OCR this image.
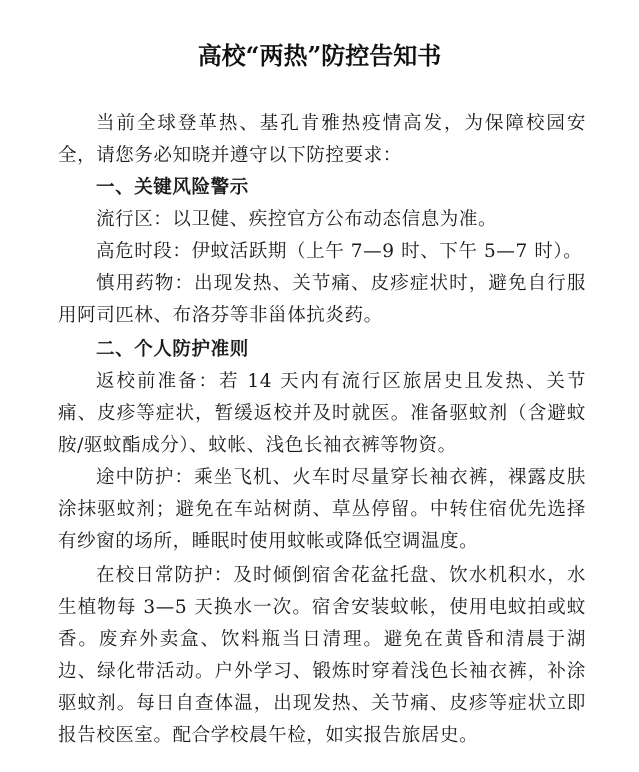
高校“两热”防控告知书

当前全球登革热、基孔肯雅热疫情高发，为保障校园安全，请您务必知晓并遵守以下防控要求：

一、关键风险警示

流行区：以卫健、疾控官方公布动态信息为准。

高危时段：伊蚊活跃期（上午 7—9 时、下午 5—7 时）。

慎用药物：出现发热、关节痛、皮疹症状时，避免自行服用阿司匹林、布洛芬等非甾体抗炎药。

二、个人防护准则

返校前准备：若 14 天内有流行区旅居史且发热、关节痛、皮疹等症状，暂缓返校并及时就医。准备驱蚊剂（含避蚊胺/驱蚊酯成分）、蚊帐、浅色长袖衣裤等物资。

途中防护：乘坐飞机、火车时尽量穿长袖衣裤，裸露皮肤涂抹驱蚊剂；避免在车站树荫、草丛停留。中转住宿优先选择有纱窗的场所，睡眠时使用蚊帐或降低空调温度。

在校日常防护：及时倾倒宿舍花盆托盘、饮水机积水，水生植物每 3—5 天换水一次。宿舍安装蚊帐，使用电蚊拍或蚊香。废弃外卖盒、饮料瓶当日清理。避免在黄昏和清晨于湖边、绿化带活动。户外学习、锻炼时穿着浅色长袖衣裤，补涂驱蚊剂。每日自查体温，出现发热、关节痛、皮疹等症状立即报告校医室。配合学校晨午检，如实报告旅居史。
